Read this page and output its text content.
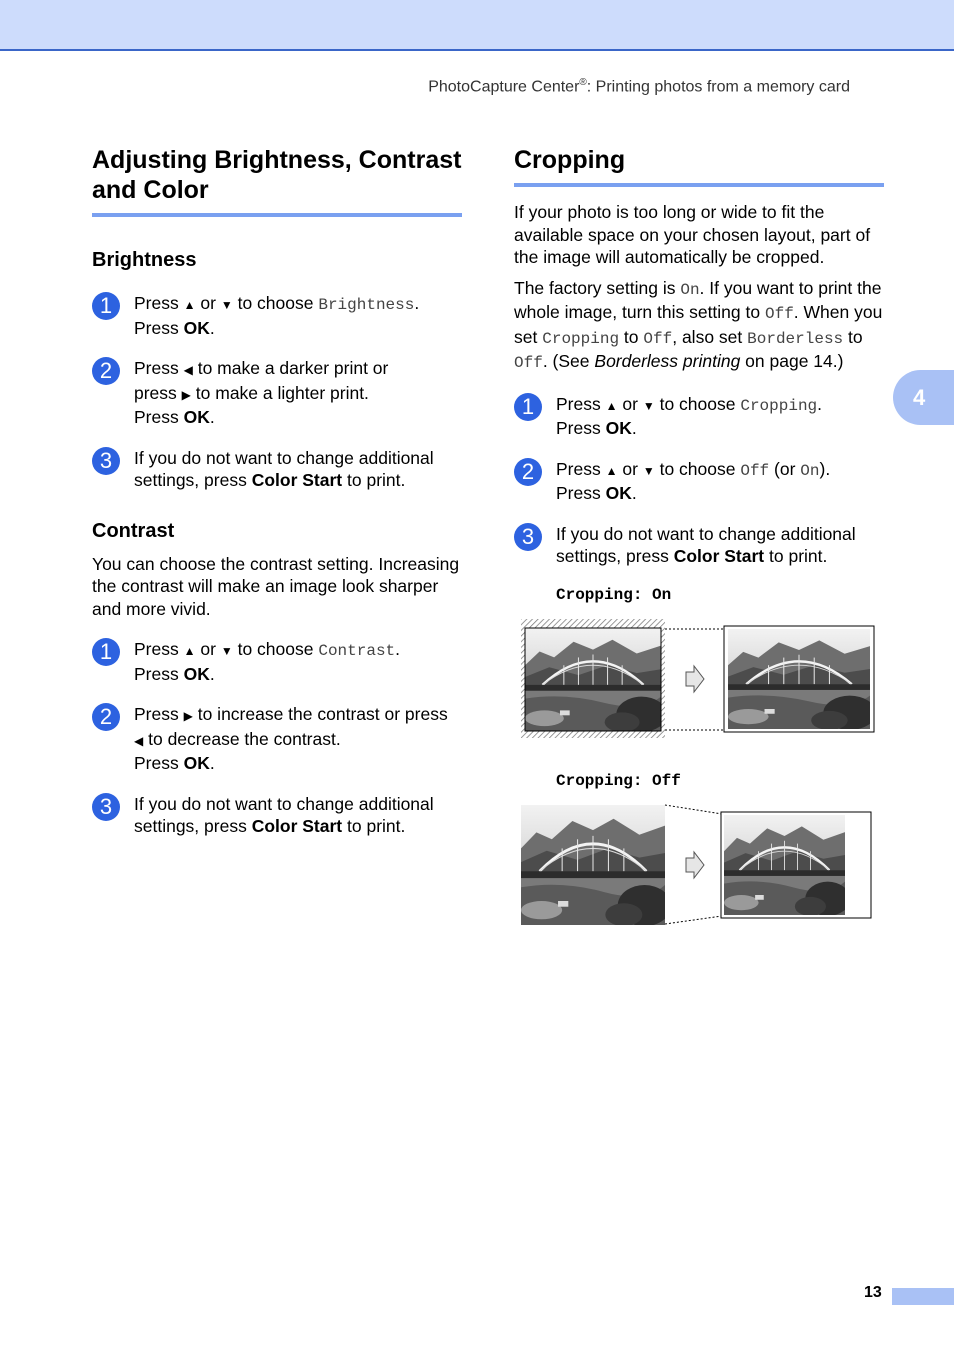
PhotoCapture Center®: Printing photos from a memory card
4
Adjusting Brightness, Contrast and Color
Brightness
1	Press ▲ or ▼ to choose Brightness.
Press OK.

2	Press ◀ to make a darker print or
press ▶ to make a lighter print.
Press OK.

3	If you do not want to change additional settings, press Color Start to print.

Contrast

You can choose the contrast setting. Increasing the contrast will make an image look sharper and more vivid.

1	Press ▲ or ▼ to choose Contrast.
Press OK.

2	Press ▶ to increase the contrast or press
◀ to decrease the contrast.
Press OK.

3	If you do not want to change additional settings, press Color Start to print.

Cropping

If your photo is too long or wide to fit the available space on your chosen layout, part of the image will automatically be cropped.

The factory setting is On. If you want to print the whole image, turn this setting to Off. When you set Cropping to Off, also set Borderless to Off. (See Borderless printing on page 14.)

1	Press ▲ or ▼ to choose Cropping.
Press OK.

2	Press ▲ or ▼ to choose Off (or On).
Press OK.

3	If you do not want to change additional settings, press Color Start to print.

Cropping: On
Cropping: Off
13
